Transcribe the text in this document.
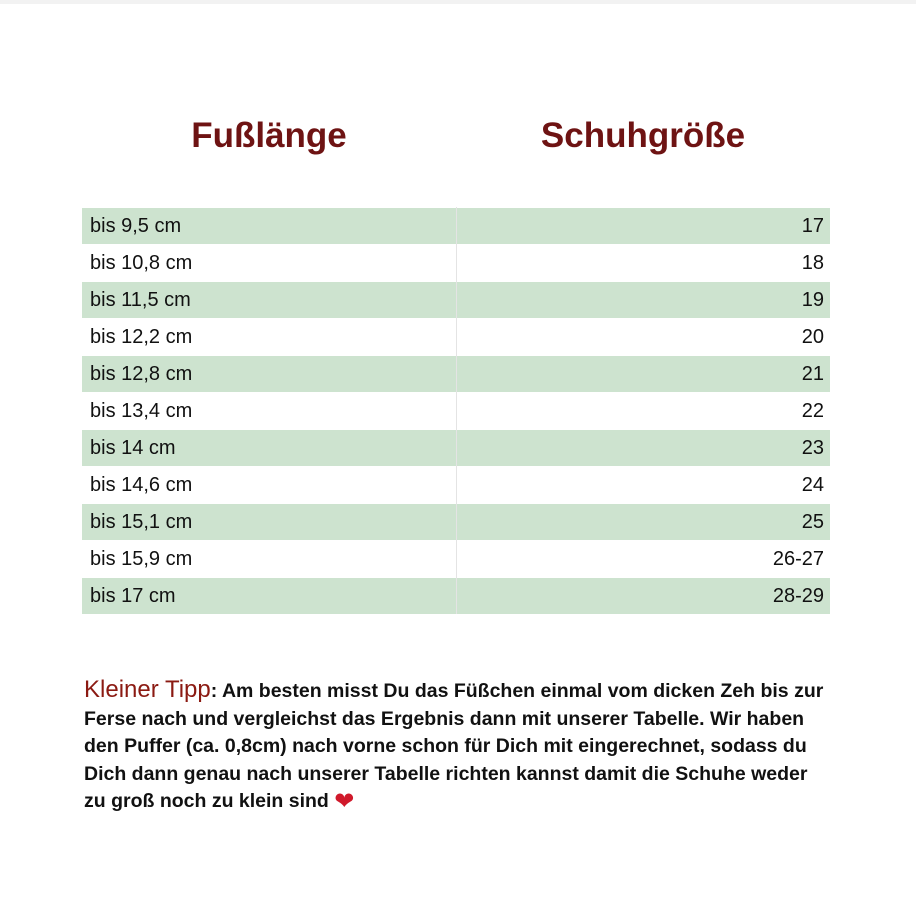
Fußlänge	Schuhgröße
bis 9,5 cm	17
bis 10,8 cm	18
bis 11,5 cm	19
bis 12,2 cm	20
bis 12,8 cm	21
bis 13,4 cm	22
bis 14 cm	23
bis 14,6 cm	24
bis 15,1 cm	25
bis 15,9 cm	26-27
bis 17 cm	28-29
Kleiner Tipp: Am besten misst Du das Füßchen einmal vom dicken Zeh bis zur Ferse nach und vergleichst das Ergebnis dann mit unserer Tabelle. Wir haben den Puffer (ca. 0,8cm) nach vorne schon für Dich mit eingerechnet, sodass du Dich dann genau nach unserer Tabelle richten kannst damit die Schuhe weder zu groß noch zu klein sind ❤
